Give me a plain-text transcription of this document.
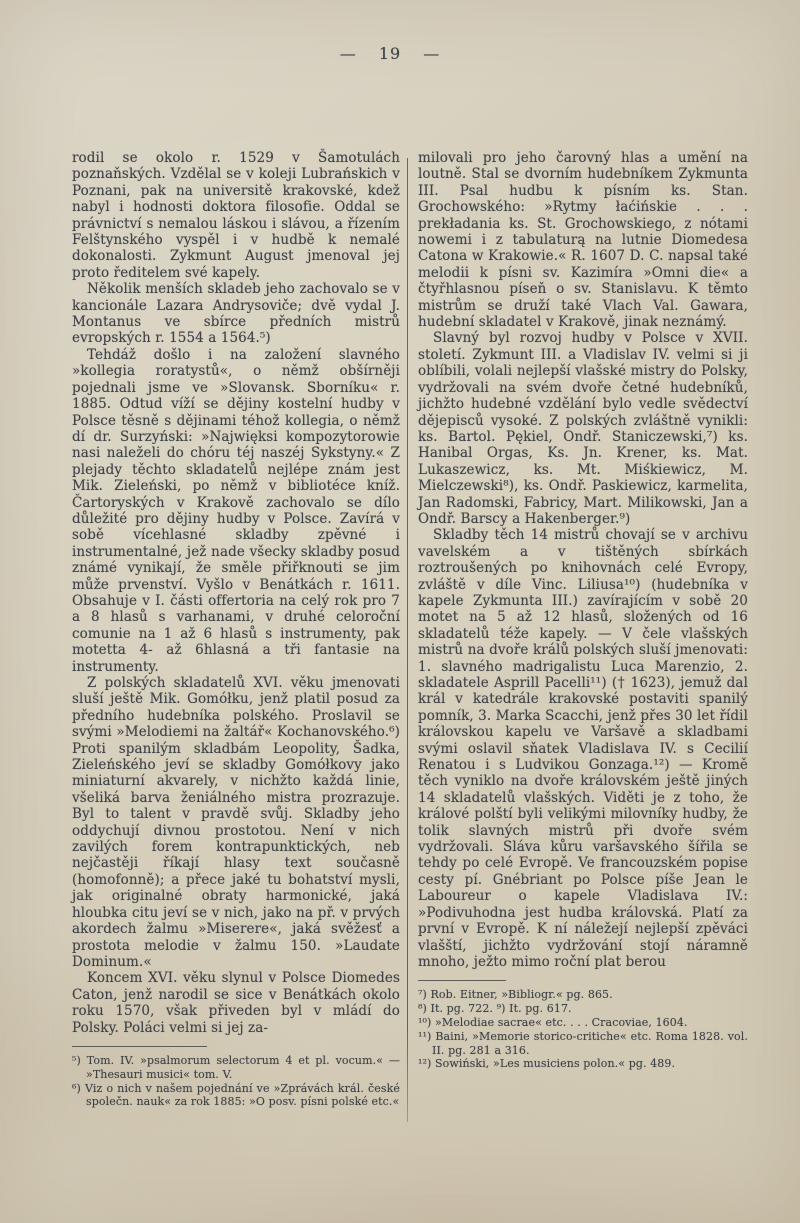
— 19 —

rodil se okolo r. 1529 v Šamotulách poznaňských. Vzdělal se v koleji Lubrańskich v Poznani, pak na universitě krakovské, kdež nabyl i hodnosti doktora filosofie. Oddal se právnictví s nemalou láskou i slávou, a řízením Felštynského vyspěl i v hudbě k nemalé dokonalosti. Zykmunt August jmenoval jej proto ředitelem své kapely.

Několik menších skladeb jeho zachovalo se v kancionále Lazara Andrysoviče; dvě vydal J. Montanus ve sbírce předních mistrů evropských r. 1554 a 1564.⁵)

Tehdáž došlo i na založení slavného »kollegia roratystů«, o němž obšírněji pojednali jsme ve »Slovansk. Sborníku« r. 1885. Odtud víží se dějiny kostelní hudby v Polsce těsně s dějinami téhož kollegia, o němž dí dr. Surzyński: »Najwięksi kompozytorowie nasi naleželi do chóru téj naszéj Sykstyny.« Z plejady těchto skladatelů nejlépe znám jest Mik. Zieleński, po němž v bibliotéce kníž. Čartoryských v Krakově zachovalo se dílo důležité pro dějiny hudby v Polsce. Zavírá v sobě vícehlasné skladby zpěvné i instrumentalné, jež nade všecky skladby posud známé vynikají, že směle přiřknouti se jim může prvenství. Vyšlo v Benátkách r. 1611. Obsahuje v I. části offertoria na celý rok pro 7 a 8 hlasů s varhanami, v druhé celoroční comunie na 1 až 6 hlasů s instrumenty, pak motetta 4- až 6hlasná a tři fantasie na instrumenty.

Z polských skladatelů XVI. věku jmenovati sluší ještě Mik. Gomółku, jenž platil posud za předního hudebníka polského. Proslavil se svými »Melodiemi na žaltář« Kochanovského.⁶) Proti spanilým skladbám Leopolity, Šadka, Zieleńského jeví se skladby Gomółkovy jako miniaturní akvarely, v nichžto každá linie, všeliká barva ženiálného mistra prozrazuje. Byl to talent v pravdě svůj. Skladby jeho oddychují divnou prostotou. Není v nich zavilých forem kontrapunktických, neb nejčastěji říkají hlasy text současně (homofonně); a přece jaké tu bohatství mysli, jak originalné obraty harmonické, jaká hloubka citu jeví se v nich, jako na př. v prvých akordech žalmu »Miserere«, jaká svěžesť a prostota melodie v žalmu 150. »Laudate Dominum.«

Koncem XVI. věku slynul v Polsce Diomedes Caton, jenž narodil se sice v Benátkách okolo roku 1570, však přiveden byl v mládí do Polsky. Poláci velmi si jej za-

⁵) Tom. IV. »psalmorum selectorum 4 et pl. vocum.« — »Thesauri musici« tom. V.

⁶) Viz o nich v našem pojednání ve »Zprávách král. české společn. nauk« za rok 1885: »O posv. písni polské etc.«

milovali pro jeho čarovný hlas a umění na loutně. Stal se dvorním hudebníkem Zykmunta III. Psal hudbu k písním ks. Stan. Grochowského: »Rytmy łaćińskie . . . prekładania ks. St. Grochowskiego, z nótami nowemi i z tabulaturą na lutnie Diomedesa Catona w Krakowie.« R. 1607 D. C. napsal také melodii k písni sv. Kazimíra »Omni die« a čtyřhlasnou píseň o sv. Stanislavu. K těmto mistrům se druží také Vlach Val. Gawara, hudební skladatel v Krakově, jinak neznámý.

Slavný byl rozvoj hudby v Polsce v XVII. století. Zykmunt III. a Vladislav IV. velmi si ji oblíbili, volali nejlepší vlašské mistry do Polsky, vydržovali na svém dvoře četné hudebníků, jichžto hudebné vzdělání bylo vedle svědectví dějepisců vysoké. Z polských zvláštně vynikli: ks. Bartol. Pękiel, Ondř. Staniczewski,⁷) ks. Hanibal Orgas, Ks. Jn. Krener, ks. Mat. Lukaszewicz, ks. Mt. Miśkiewicz, M. Mielczewski⁸), ks. Ondř. Paskiewicz, karmelita, Jan Radomski, Fabricy, Mart. Milikowski, Jan a Ondř. Barscy a Hakenberger.⁹)

Skladby těch 14 mistrů chovají se v archivu vavelském a v tištěných sbírkách roztroušených po knihovnách celé Evropy, zvláště v díle Vinc. Liliusa¹⁰) (hudebníka v kapele Zykmunta III.) zavírajícím v sobě 20 motet na 5 až 12 hlasů, složených od 16 skladatelů téže kapely. — V čele vlašských mistrů na dvoře králů polských sluší jmenovati: 1. slavného madrigalistu Luca Marenzio, 2. skladatele Asprill Pacelli¹¹) († 1623), jemuž dal král v katedrále krakovské postaviti spanilý pomník, 3. Marka Scacchi, jenž přes 30 let řídil královskou kapelu ve Varšavě a skladbami svými oslavil sňatek Vladislava IV. s Cecilií Renatou i s Ludvikou Gonzaga.¹²) — Kromě těch vyniklo na dvoře královském ještě jiných 14 skladatelů vlašských. Viděti je z toho, že králové polští byli velikými milovníky hudby, že tolik slavných mistrů při dvoře svém vydržovali. Sláva kůru varšavského šířila se tehdy po celé Evropě. Ve francouzském popise cesty pí. Gnébriant po Polsce píše Jean le Laboureur o kapele Vladislava IV.: »Podivuhodna jest hudba královská. Platí za první v Evropě. K ní náležejí nejlepší zpěváci vlašští, jichžto vydržování stojí náramně mnoho, ježto mimo roční plat berou

⁷) Rob. Eitner, »Bibliogr.« pg. 865.

⁸) It. pg. 722. ⁹) It. pg. 617.

¹⁰) »Melodiae sacrae« etc. . . . Cracoviae, 1604.

¹¹) Baini, »Memorie storico-critiche« etc. Roma 1828. vol. II. pg. 281 a 316.

¹²) Sowiński, »Les musiciens polon.« pg. 489.
